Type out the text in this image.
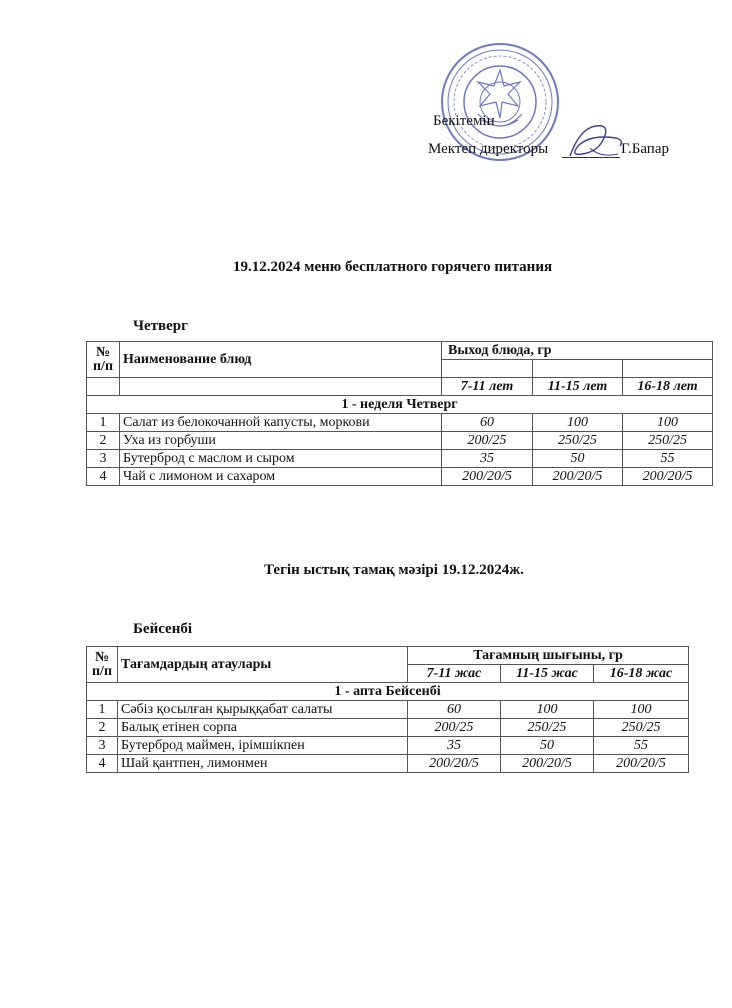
Бекітемін
Мектеп директоры	Г.Бапар
19.12.2024 меню бесплатного горячего питания
Четверг
№ п/п	Наименование блюд	Выход блюда, гр		

		7-11 лет	11-15 лет	16-18 лет
1 - неделя Четверг				
1	Салат из белокочанной капусты, моркови	60	100	100
2	Уха из горбуши	200/25	250/25	250/25
3	Бутерброд с маслом и сыром	35	50	55
4	Чай с лимоном и сахаром	200/20/5	200/20/5	200/20/5
Тегін ыстық тамақ мәзірі 19.12.2024ж.
Бейсенбі
№ п/п	Тағамдардың атаулары	Тағамның шығыны, гр		
		7-11 жас	11-15 жас	16-18 жас
1 - апта Бейсенбі				
1	Сәбіз қосылған қырыққабат салаты	60	100	100
2	Балық етінен сорпа	200/25	250/25	250/25
3	Бутерброд маймен, ірімшікпен	35	50	55
4	Шай қантпен, лимонмен	200/20/5	200/20/5	200/20/5
